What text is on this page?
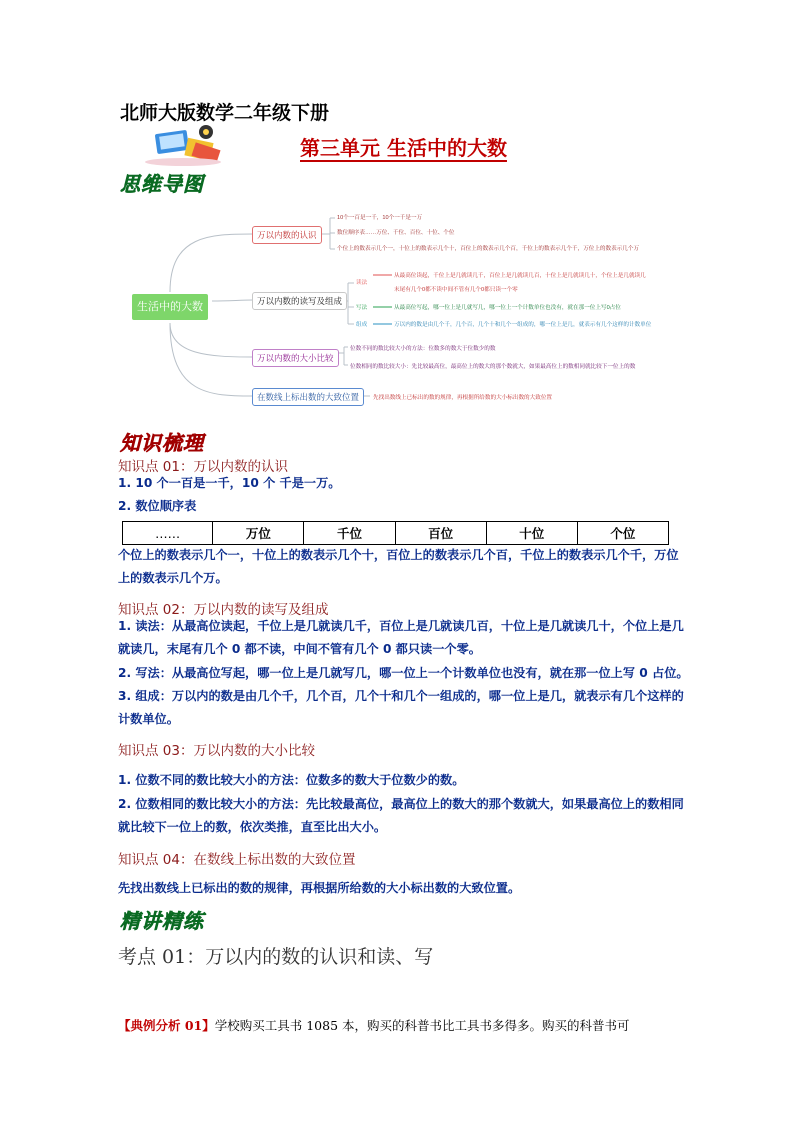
北师大版数学二年级下册
第三单元 生活中的大数
思维导图
生活中的大数
万以内数的认识
10个一百是一千，10个一千是一万
数位顺序表……万位、千位、百位、十位、个位
个位上的数表示几个一，十位上的数表示几个十，百位上的数表示几个百，千位上的数表示几个千，万位上的数表示几个万
万以内数的读写及组成
读法
从最高位读起，千位上是几就读几千，百位上是几就读几百，十位上是几就读几十，个位上是几就读几
末尾有几个0都不读中间不管有几个0都只读一个零
写法	从最高位写起，哪一位上是几就写几，哪一位上一个计数单位也没有，就在那一位上写0占位
组成	万以内的数是由几个千，几个百，几个十和几个一组成的，哪一位上是几，就表示有几个这样的计数单位
万以内数的大小比较
位数不同的数比较大小的方法：位数多的数大于位数少的数
位数相同的数比较大小：先比较最高位，最高位上的数大的那个数就大，如果最高位上的数相同就比较下一位上的数
在数线上标出数的大致位置	先找出数线上已标出的数的规律，再根据所给数的大小标出数的大致位置
知识梳理
知识点 01：万以内数的认识
1. 10 个一百是一千，10 个 千是一万。
2. 数位顺序表
……	万位	千位	百位	十位	个位
个位上的数表示几个一，十位上的数表示几个十，百位上的数表示几个百，千位上的数表示几个千，万位
上的数表示几个万。
知识点 02：万以内数的读写及组成
1. 读法：从最高位读起，千位上是几就读几千，百位上是几就读几百，十位上是几就读几十，个位上是几
就读几，末尾有几个 0 都不读，中间不管有几个 0 都只读一个零。
2. 写法：从最高位写起，哪一位上是几就写几，哪一位上一个计数单位也没有，就在那一位上写 0 占位。
3. 组成：万以内的数是由几个千，几个百，几个十和几个一组成的，哪一位上是几，就表示有几个这样的
计数单位。
知识点 03：万以内数的大小比较
1. 位数不同的数比较大小的方法：位数多的数大于位数少的数。
2. 位数相同的数比较大小的方法：先比较最高位，最高位上的数大的那个数就大，如果最高位上的数相同
就比较下一位上的数，依次类推，直至比出大小。
知识点 04：在数线上标出数的大致位置
先找出数线上已标出的数的规律，再根据所给数的大小标出数的大致位置。
精讲精练
考点 01：万以内的数的认识和读、写
【典例分析 01】学校购买工具书 1085 本，购买的科普书比工具书多得多。购买的科普书可
